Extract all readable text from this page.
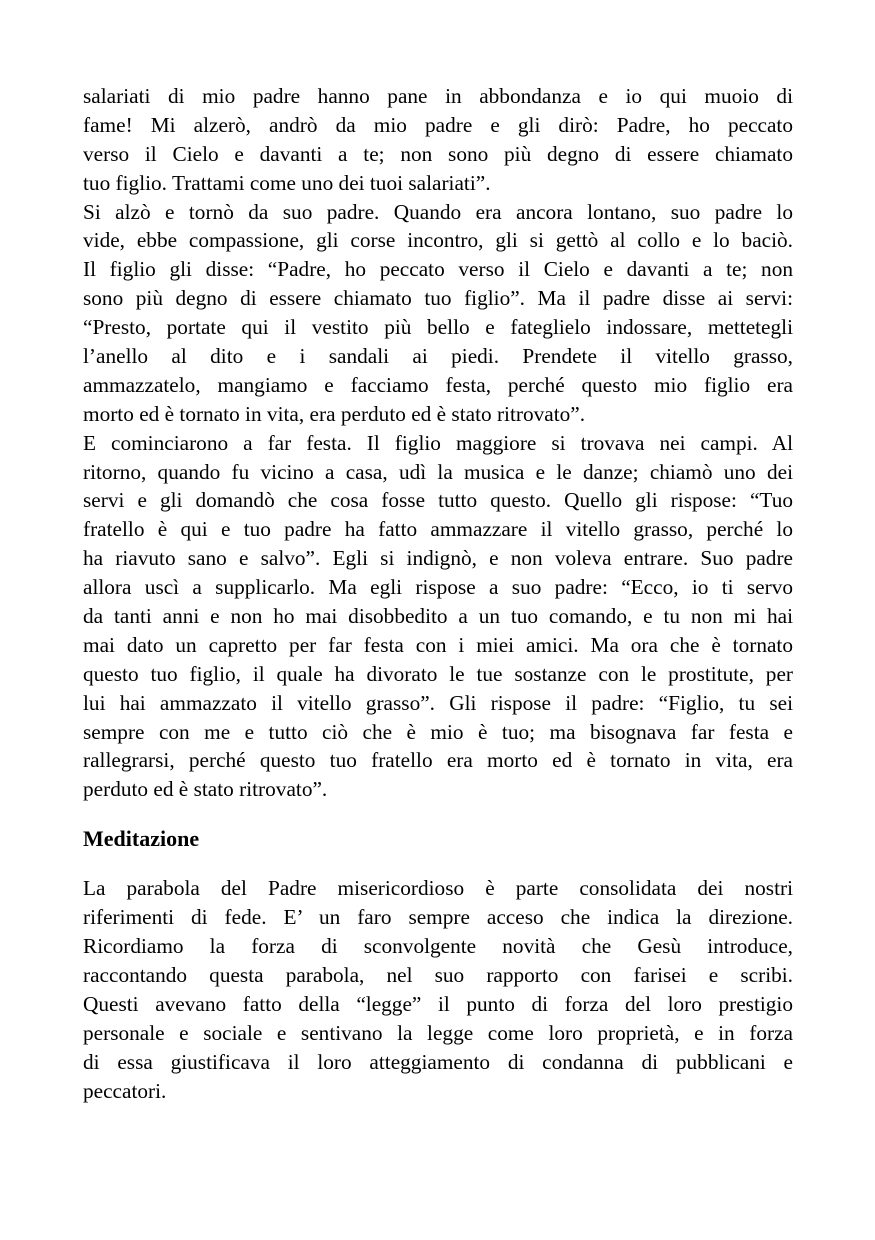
salariati di mio padre hanno pane in abbondanza e io qui muoio di
fame! Mi alzerò, andrò da mio padre e gli dirò: Padre, ho peccato
verso il Cielo e davanti a te; non sono più degno di essere chiamato
tuo figlio. Trattami come uno dei tuoi salariati”.
Si alzò e tornò da suo padre. Quando era ancora lontano, suo padre lo
vide, ebbe compassione, gli corse incontro, gli si gettò al collo e lo baciò.
Il figlio gli disse: “Padre, ho peccato verso il Cielo e davanti a te; non
sono più degno di essere chiamato tuo figlio”. Ma il padre disse ai servi:
“Presto, portate qui il vestito più bello e fateglielo indossare, mettetegli
l’anello al dito e i sandali ai piedi. Prendete il vitello grasso,
ammazzatelo, mangiamo e facciamo festa, perché questo mio figlio era
morto ed è tornato in vita, era perduto ed è stato ritrovato”.
E cominciarono a far festa. Il figlio maggiore si trovava nei campi. Al
ritorno, quando fu vicino a casa, udì la musica e le danze; chiamò uno dei
servi e gli domandò che cosa fosse tutto questo. Quello gli rispose: “Tuo
fratello è qui e tuo padre ha fatto ammazzare il vitello grasso, perché lo
ha riavuto sano e salvo”. Egli si indignò, e non voleva entrare. Suo padre
allora uscì a supplicarlo. Ma egli rispose a suo padre: “Ecco, io ti servo
da tanti anni e non ho mai disobbedito a un tuo comando, e tu non mi hai
mai dato un capretto per far festa con i miei amici. Ma ora che è tornato
questo tuo figlio, il quale ha divorato le tue sostanze con le prostitute, per
lui hai ammazzato il vitello grasso”. Gli rispose il padre: “Figlio, tu sei
sempre con me e tutto ciò che è mio è tuo; ma bisognava far festa e
rallegrarsi, perché questo tuo fratello era morto ed è tornato in vita, era
perduto ed è stato ritrovato”.
Meditazione
La parabola del Padre misericordioso è parte consolidata dei nostri
riferimenti di fede. E’ un faro sempre acceso che indica la direzione.
Ricordiamo la forza di sconvolgente novità che Gesù introduce,
raccontando questa parabola, nel suo rapporto con farisei e scribi.
Questi avevano fatto della “legge” il punto di forza del loro prestigio
personale e sociale e sentivano la legge come loro proprietà, e in forza
di essa giustificava il loro atteggiamento di condanna di pubblicani e
peccatori.
